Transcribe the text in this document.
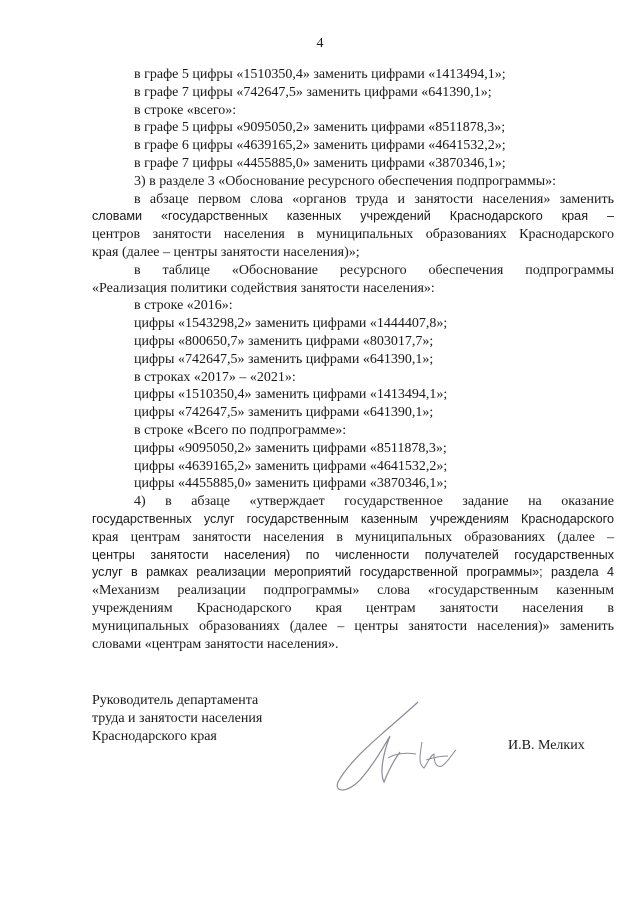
4
в графе 5 цифры «1510350,4» заменить цифрами «1413494,1»;
в графе 7 цифры «742647,5» заменить цифрами «641390,1»;
в строке «всего»:
в графе 5 цифры «9095050,2» заменить цифрами «8511878,3»;
в графе 6 цифры «4639165,2» заменить цифрами «4641532,2»;
в графе 7 цифры «4455885,0» заменить цифрами «3870346,1»;
3) в разделе 3 «Обоснование ресурсного обеспечения подпрограммы»:
в абзаце первом слова «органов труда и занятости населения» заменить
словами «государственных казенных учреждений Краснодарского края –
центров занятости населения в муниципальных образованиях Краснодарского
края (далее – центры занятости населения)»;
в таблице «Обоснование ресурсного обеспечения подпрограммы
«Реализация политики содействия занятости населения»:
в строке «2016»:
цифры «1543298,2» заменить цифрами «1444407,8»;
цифры «800650,7» заменить цифрами «803017,7»;
цифры «742647,5» заменить цифрами «641390,1»;
в строках «2017» – «2021»:
цифры «1510350,4» заменить цифрами «1413494,1»;
цифры «742647,5» заменить цифрами «641390,1»;
в строке «Всего по подпрограмме»:
цифры «9095050,2» заменить цифрами «8511878,3»;
цифры «4639165,2» заменить цифрами «4641532,2»;
цифры «4455885,0» заменить цифрами «3870346,1»;
4) в абзаце «утверждает государственное задание на оказание
государственных услуг государственным казенным учреждениям Краснодарского
края центрам занятости населения в муниципальных образованиях (далее –
центры занятости населения) по численности получателей государственных
услуг в рамках реализации мероприятий государственной программы»; раздела 4
«Механизм реализации подпрограммы» слова «государственным казенным
учреждениям Краснодарского края центрам занятости населения в
муниципальных образованиях (далее – центры занятости населения)» заменить
словами «центрам занятости населения».
Руководитель департамента
труда и занятости населения
Краснодарского края
И.В. Мелких
